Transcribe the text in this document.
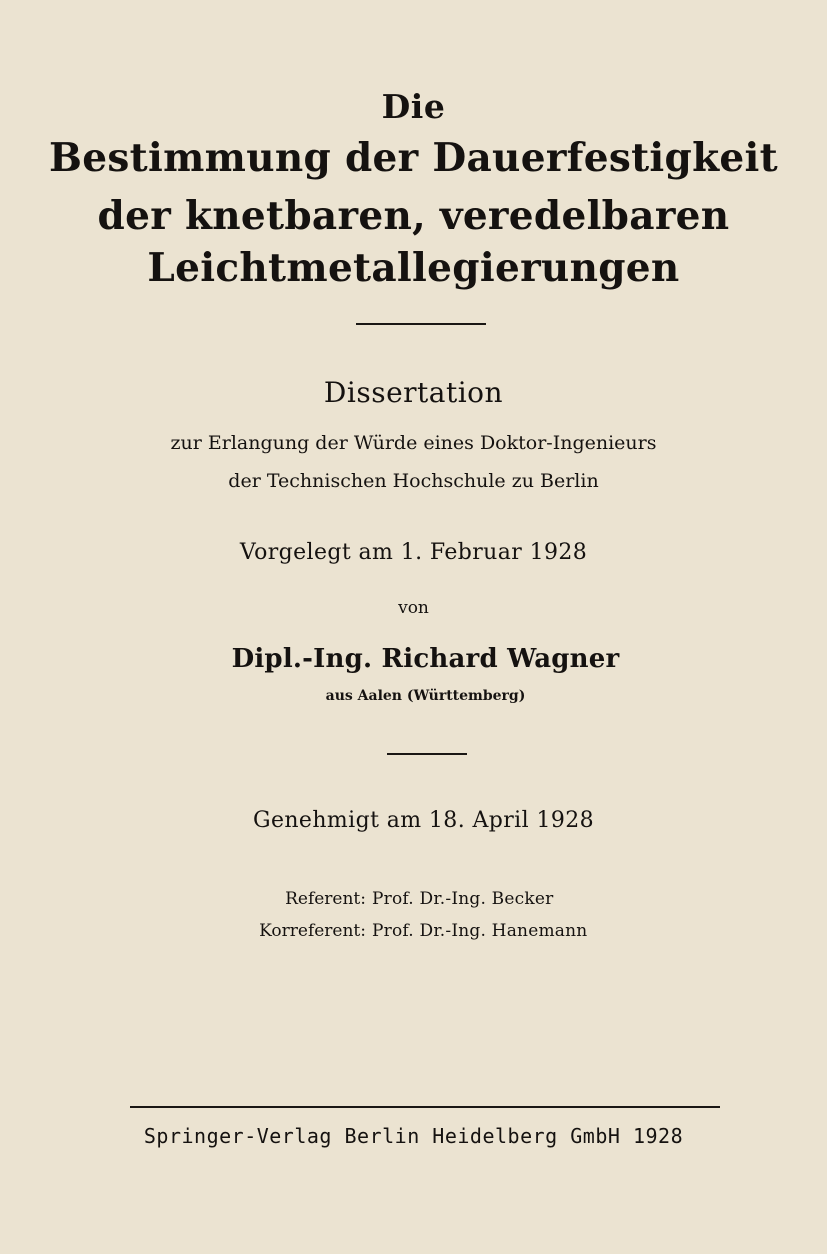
Die
Bestimmung der Dauerfestigkeit
der knetbaren, veredelbaren
Leichtmetallegierungen
Dissertation
zur Erlangung der Würde eines Doktor-Ingenieurs
der Technischen Hochschule zu Berlin
Vorgelegt am 1. Februar 1928
von
Dipl.-Ing. Richard Wagner
aus Aalen (Württemberg)
Genehmigt am 18. April 1928
Referent: Prof. Dr.-Ing. Becker
Korreferent: Prof. Dr.-Ing. Hanemann
Springer-Verlag Berlin Heidelberg GmbH 1928
